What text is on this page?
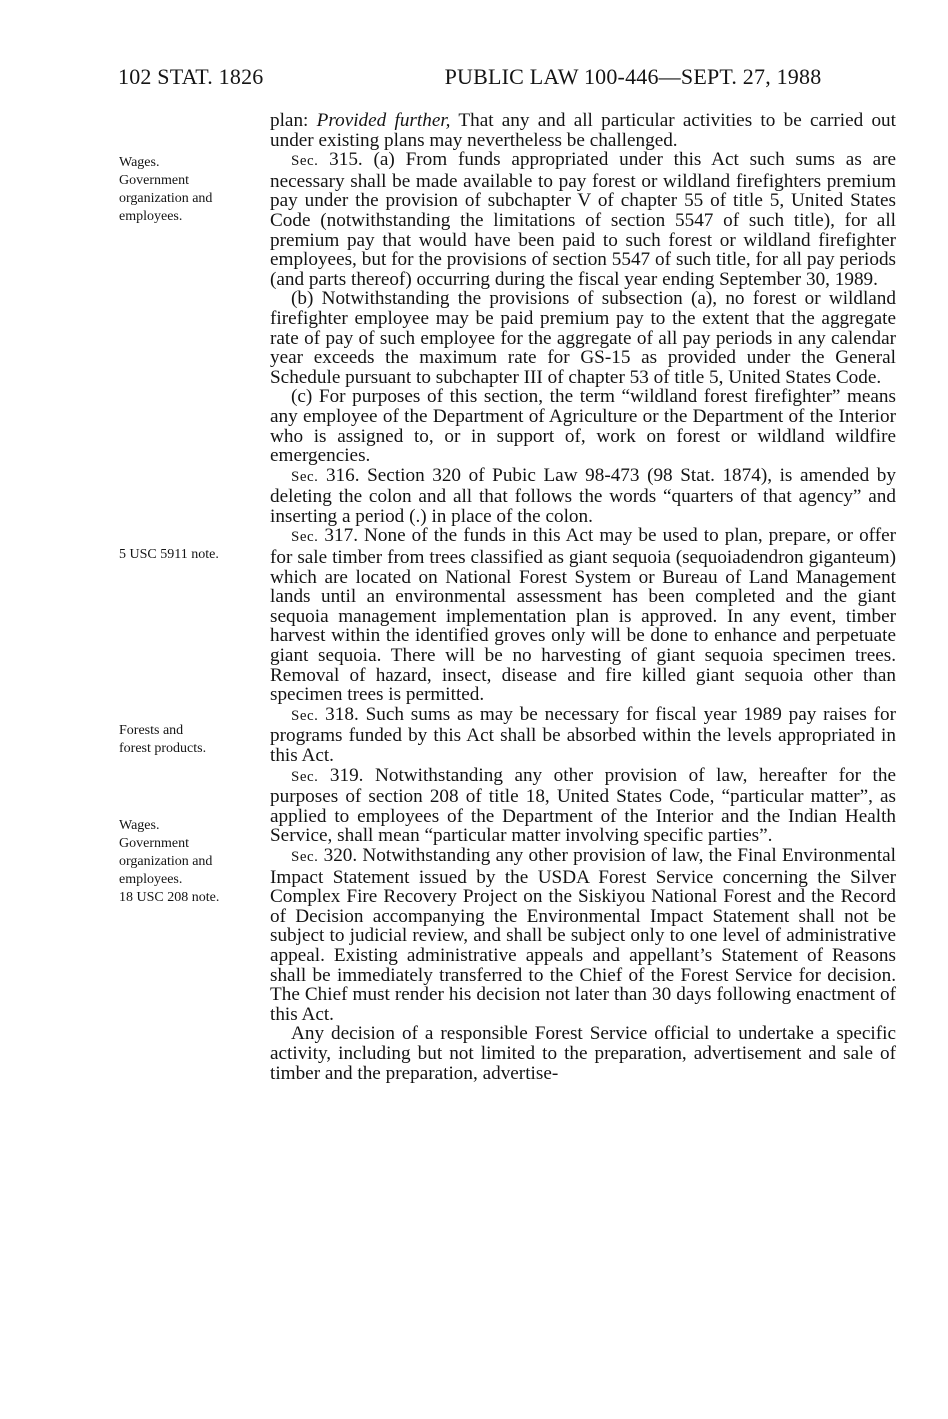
102 STAT. 1826	PUBLIC LAW 100-446—SEPT. 27, 1988
Wages.
Government
organization and
employees.
5 USC 5911 note.
Forests and
forest products.
Wages.
Government
organization and
employees.
18 USC 208 note.

plan: Provided further, That any and all particular activities to be carried out under existing plans may nevertheless be challenged.

Sec. 315. (a) From funds appropriated under this Act such sums as are necessary shall be made available to pay forest or wildland firefighters premium pay under the provision of subchapter V of chapter 55 of title 5, United States Code (notwithstanding the limitations of section 5547 of such title), for all premium pay that would have been paid to such forest or wildland firefighter employees, but for the provisions of section 5547 of such title, for all pay periods (and parts thereof) occurring during the fiscal year ending September 30, 1989.

(b) Notwithstanding the provisions of subsection (a), no forest or wildland firefighter employee may be paid premium pay to the extent that the aggregate rate of pay of such employee for the aggregate of all pay periods in any calendar year exceeds the maximum rate for GS-15 as provided under the General Schedule pursuant to subchapter III of chapter 53 of title 5, United States Code.

(c) For purposes of this section, the term “wildland forest firefighter” means any employee of the Department of Agriculture or the Department of the Interior who is assigned to, or in support of, work on forest or wildland wildfire emergencies.

Sec. 316. Section 320 of Pubic Law 98-473 (98 Stat. 1874), is amended by deleting the colon and all that follows the words “quarters of that agency” and inserting a period (.) in place of the colon.

Sec. 317. None of the funds in this Act may be used to plan, prepare, or offer for sale timber from trees classified as giant sequoia (sequoiadendron giganteum) which are located on National Forest System or Bureau of Land Management lands until an environmental assessment has been completed and the giant sequoia management implementation plan is approved. In any event, timber harvest within the identified groves only will be done to enhance and perpetuate giant sequoia. There will be no harvesting of giant sequoia specimen trees. Removal of hazard, insect, disease and fire killed giant sequoia other than specimen trees is permitted.

Sec. 318. Such sums as may be necessary for fiscal year 1989 pay raises for programs funded by this Act shall be absorbed within the levels appropriated in this Act.

Sec. 319. Notwithstanding any other provision of law, hereafter for the purposes of section 208 of title 18, United States Code, “particular matter”, as applied to employees of the Department of the Interior and the Indian Health Service, shall mean “particular matter involving specific parties”.

Sec. 320. Notwithstanding any other provision of law, the Final Environmental Impact Statement issued by the USDA Forest Service concerning the Silver Complex Fire Recovery Project on the Siskiyou National Forest and the Record of Decision accompanying the Environmental Impact Statement shall not be subject to judicial review, and shall be subject only to one level of administrative appeal. Existing administrative appeals and appellant’s Statement of Reasons shall be immediately transferred to the Chief of the Forest Service for decision. The Chief must render his decision not later than 30 days following enactment of this Act.

Any decision of a responsible Forest Service official to undertake a specific activity, including but not limited to the preparation, advertisement and sale of timber and the preparation, advertise-
